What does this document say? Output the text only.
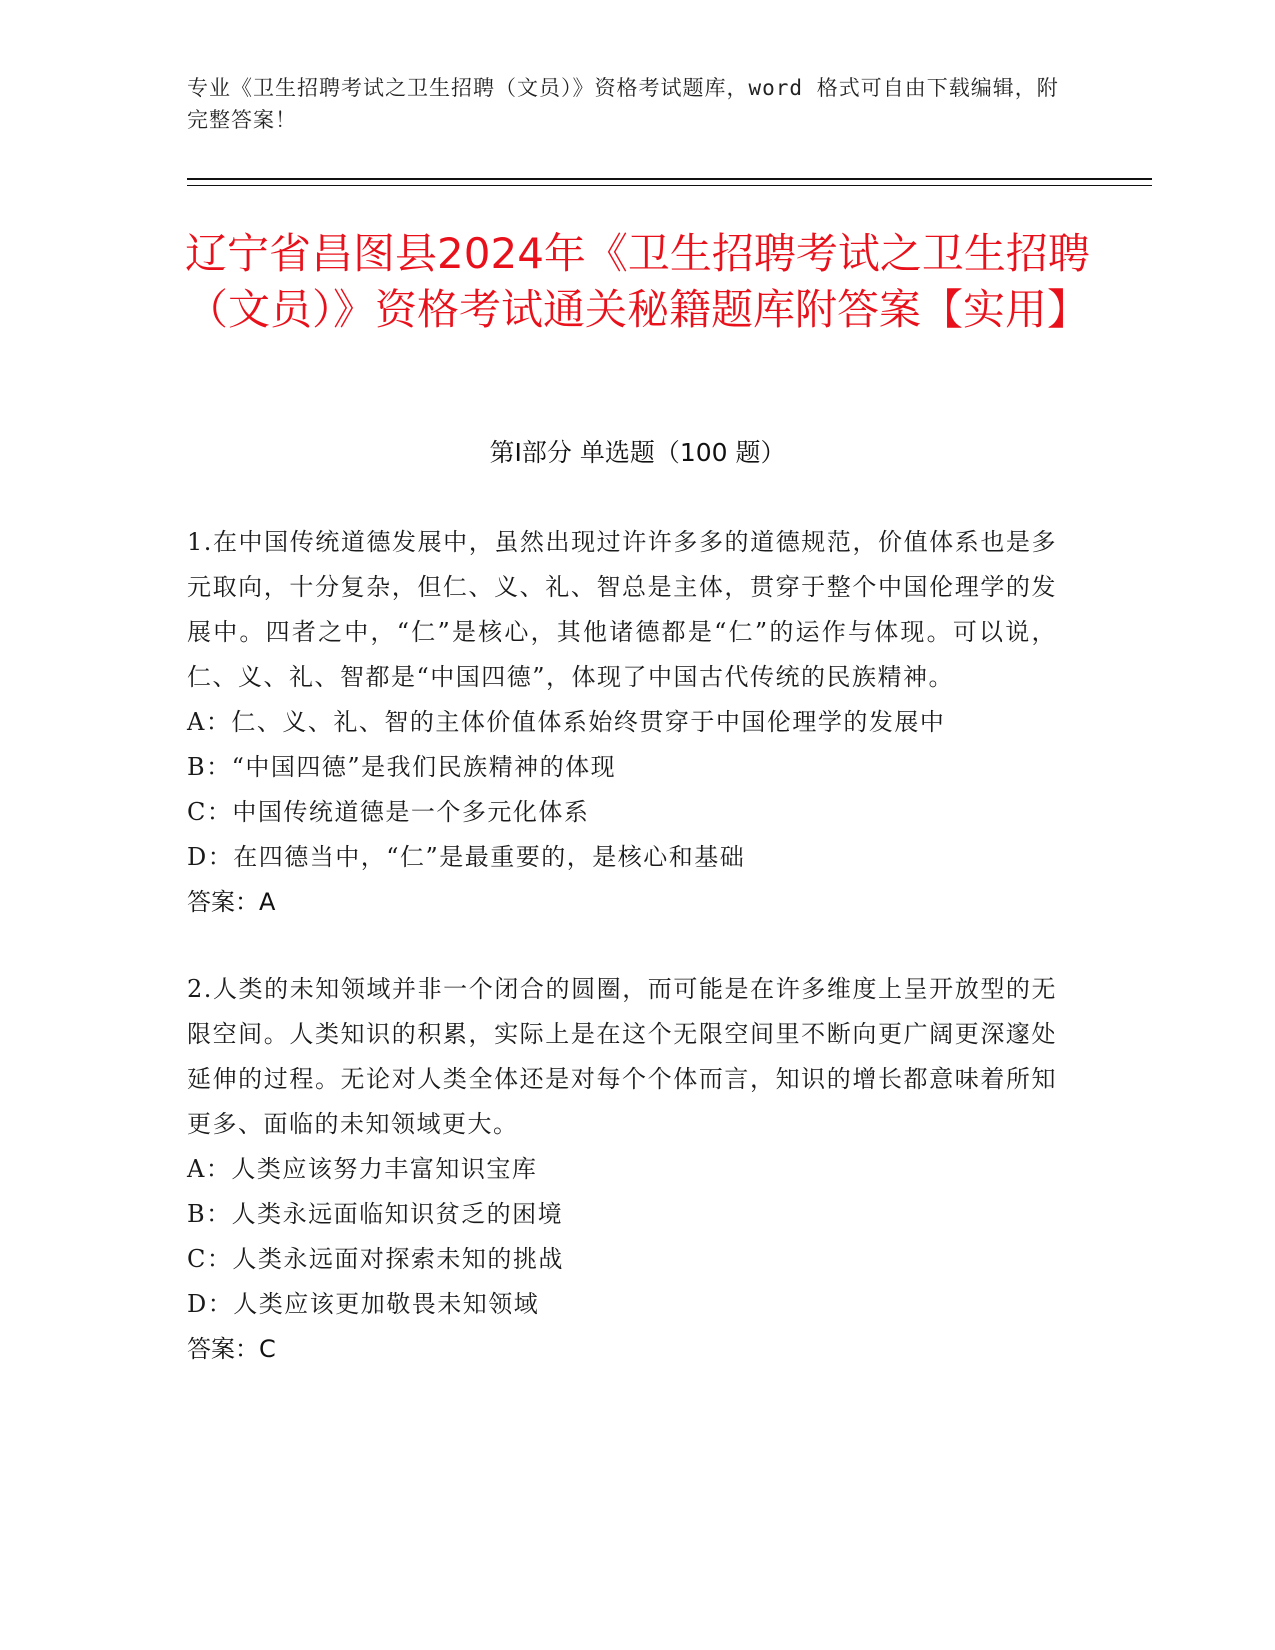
专业《卫生招聘考试之卫生招聘（文员）》资格考试题库，word 格式可自由下载编辑，附完整答案！
辽宁省昌图县2024年《卫生招聘考试之卫生招聘（文员）》资格考试通关秘籍题库附答案【实用】
第Ⅰ部分 单选题（100 题）

1.在中国传统道德发展中，虽然出现过许许多多的道德规范，价值体系也是多元取向，十分复杂，但仁、义、礼、智总是主体，贯穿于整个中国伦理学的发展中。四者之中，“仁”是核心，其他诸德都是“仁”的运作与体现。可以说，仁、义、礼、智都是“中国四德”，体现了中国古代传统的民族精神。

A：仁、义、礼、智的主体价值体系始终贯穿于中国伦理学的发展中
B：“中国四德”是我们民族精神的体现
C：中国传统道德是一个多元化体系
D：在四德当中，“仁”是最重要的，是核心和基础
答案：A

2.人类的未知领域并非一个闭合的圆圈，而可能是在许多维度上呈开放型的无限空间。人类知识的积累，实际上是在这个无限空间里不断向更广阔更深邃处延伸的过程。无论对人类全体还是对每个个体而言，知识的增长都意味着所知更多、面临的未知领域更大。

A：人类应该努力丰富知识宝库
B：人类永远面临知识贫乏的困境
C：人类永远面对探索未知的挑战
D：人类应该更加敬畏未知领域
答案：C
